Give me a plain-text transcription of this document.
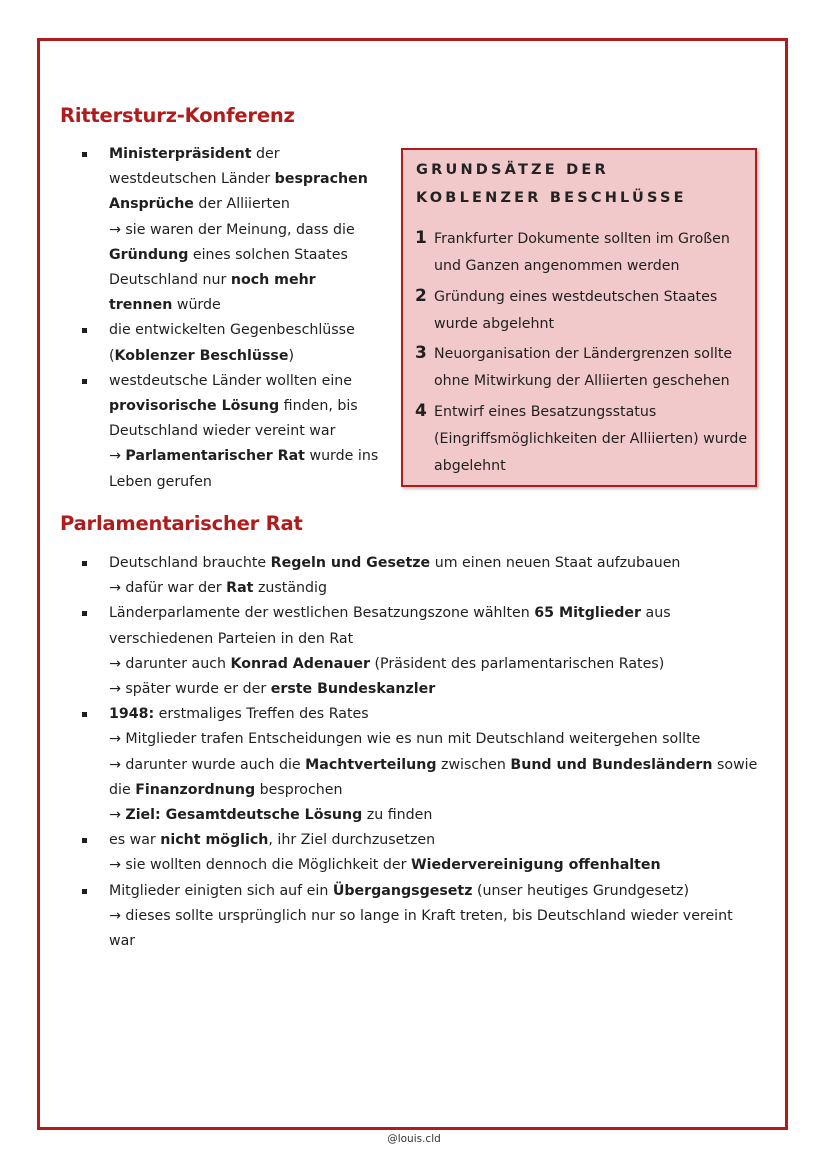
Rittersturz-Konferenz
Ministerpräsident der westdeutschen Länder besprachen Ansprüche der Alliierten
→ sie waren der Meinung, dass die Gründung eines solchen Staates Deutschland nur noch mehr trennen würde
die entwickelten Gegenbeschlüsse (Koblenzer Beschlüsse)
westdeutsche Länder wollten eine provisorische Lösung finden, bis Deutschland wieder vereint war
→ Parlamentarischer Rat wurde ins Leben gerufen
GRUNDSÄTZE DER KOBLENZER BESCHLÜSSE
1 Frankfurter Dokumente sollten im Großen und Ganzen angenommen werden
2 Gründung eines westdeutschen Staates wurde abgelehnt
3 Neuorganisation der Ländergrenzen sollte ohne Mitwirkung der Alliierten geschehen
4 Entwirf eines Besatzungsstatus (Eingriffsmöglichkeiten der Alliierten) wurde abgelehnt
Parlamentarischer Rat
Deutschland brauchte Regeln und Gesetze um einen neuen Staat aufzubauen
→ dafür war der Rat zuständig
Länderparlamente der westlichen Besatzungszone wählten 65 Mitglieder aus verschiedenen Parteien in den Rat
→ darunter auch Konrad Adenauer (Präsident des parlamentarischen Rates)
→ später wurde er der erste Bundeskanzler
1948: erstmaliges Treffen des Rates
→ Mitglieder trafen Entscheidungen wie es nun mit Deutschland weitergehen sollte
→ darunter wurde auch die Machtverteilung zwischen Bund und Bundesländern sowie die Finanzordnung besprochen
→ Ziel: Gesamtdeutsche Lösung zu finden
es war nicht möglich, ihr Ziel durchzusetzen
→ sie wollten dennoch die Möglichkeit der Wiedervereinigung offenhalten
Mitglieder einigten sich auf ein Übergangsgesetz (unser heutiges Grundgesetz)
→ dieses sollte ursprünglich nur so lange in Kraft treten, bis Deutschland wieder vereint war
@louis.cld
